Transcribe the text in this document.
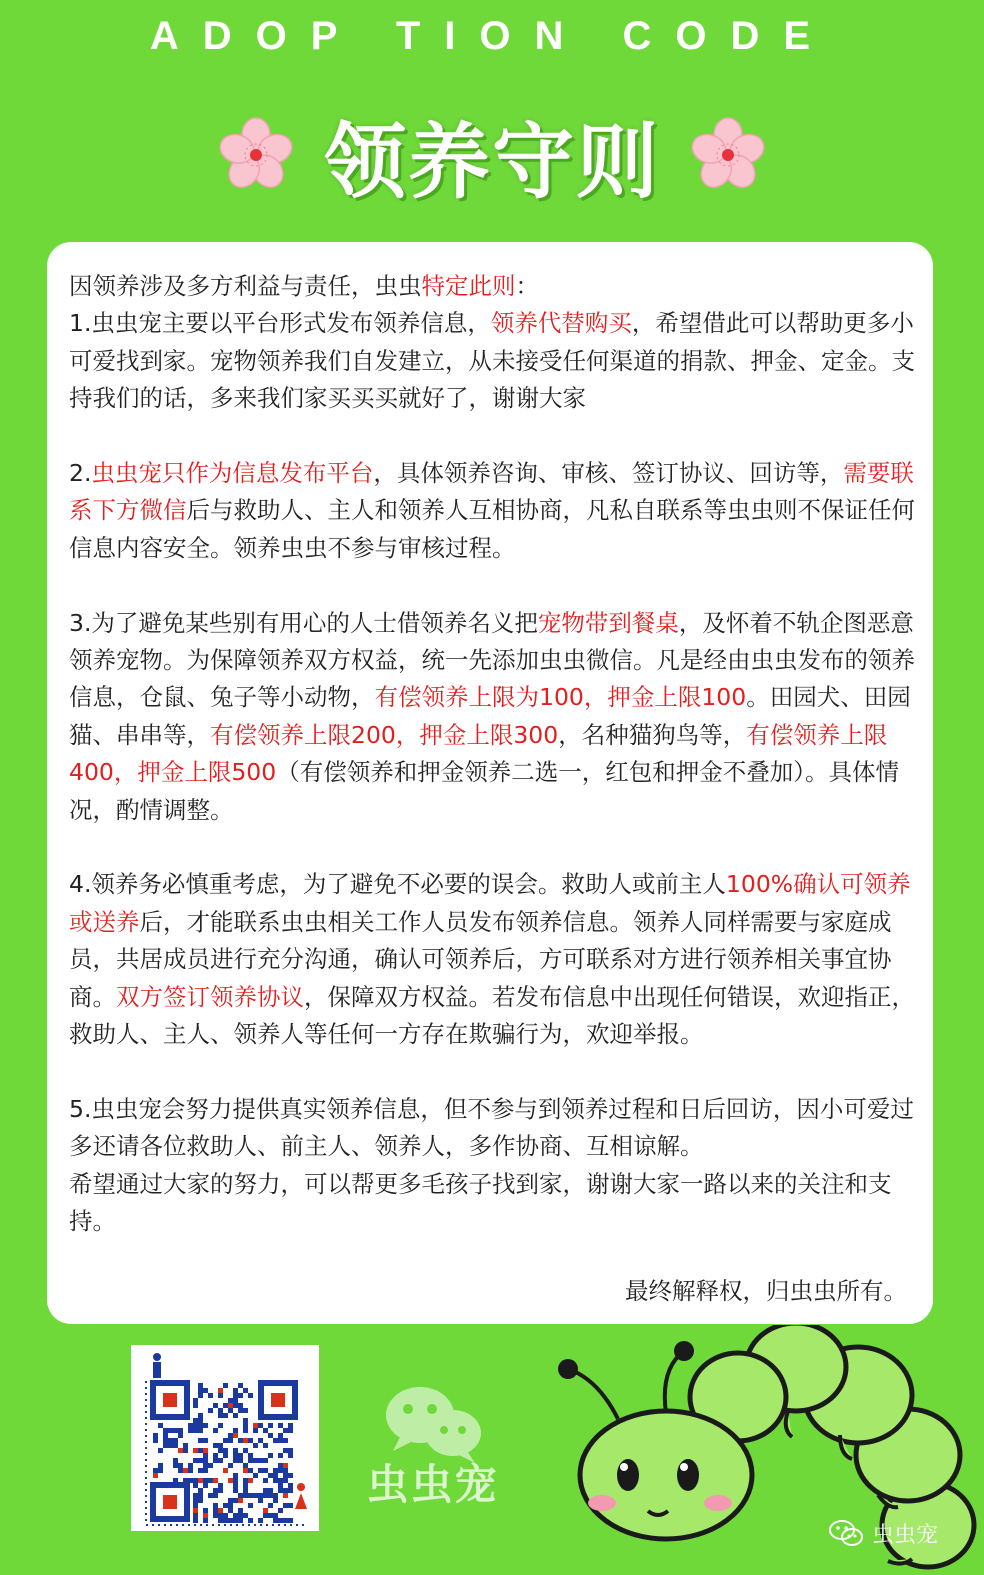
ADOP TION CODE
领养守则

因领养涉及多方利益与责任，虫虫特定此则：

1.虫虫宠主要以平台形式发布领养信息，领养代替购买，希望借此可以帮助更多小可爱找到家。宠物领养我们自发建立，从未接受任何渠道的捐款、押金、定金。支持我们的话，多来我们家买买买就好了，谢谢大家

2.虫虫宠只作为信息发布平台，具体领养咨询、审核、签订协议、回访等，需要联系下方微信后与救助人、主人和领养人互相协商，凡私自联系等虫虫则不保证任何信息内容安全。领养虫虫不参与审核过程。

3.为了避免某些别有用心的人士借领养名义把宠物带到餐桌，及怀着不轨企图恶意领养宠物。为保障领养双方权益，统一先添加虫虫微信。凡是经由虫虫发布的领养信息，仓鼠、兔子等小动物，有偿领养上限为100，押金上限100。田园犬、田园猫、串串等，有偿领养上限200，押金上限300，名种猫狗鸟等，有偿领养上限400，押金上限500（有偿领养和押金领养二选一，红包和押金不叠加）。具体情况，酌情调整。

4.领养务必慎重考虑，为了避免不必要的误会。救助人或前主人100%确认可领养或送养后，才能联系虫虫相关工作人员发布领养信息。领养人同样需要与家庭成员，共居成员进行充分沟通，确认可领养后，方可联系对方进行领养相关事宜协商。双方签订领养协议，保障双方权益。若发布信息中出现任何错误，欢迎指正，救助人、主人、领养人等任何一方存在欺骗行为，欢迎举报。

5.虫虫宠会努力提供真实领养信息，但不参与到领养过程和日后回访，因小可爱过多还请各位救助人、前主人、领养人，多作协商、互相谅解。

希望通过大家的努力，可以帮更多毛孩子找到家，谢谢大家一路以来的关注和支持。

最终解释权，归虫虫所有。
虫虫宠
虫虫宠
